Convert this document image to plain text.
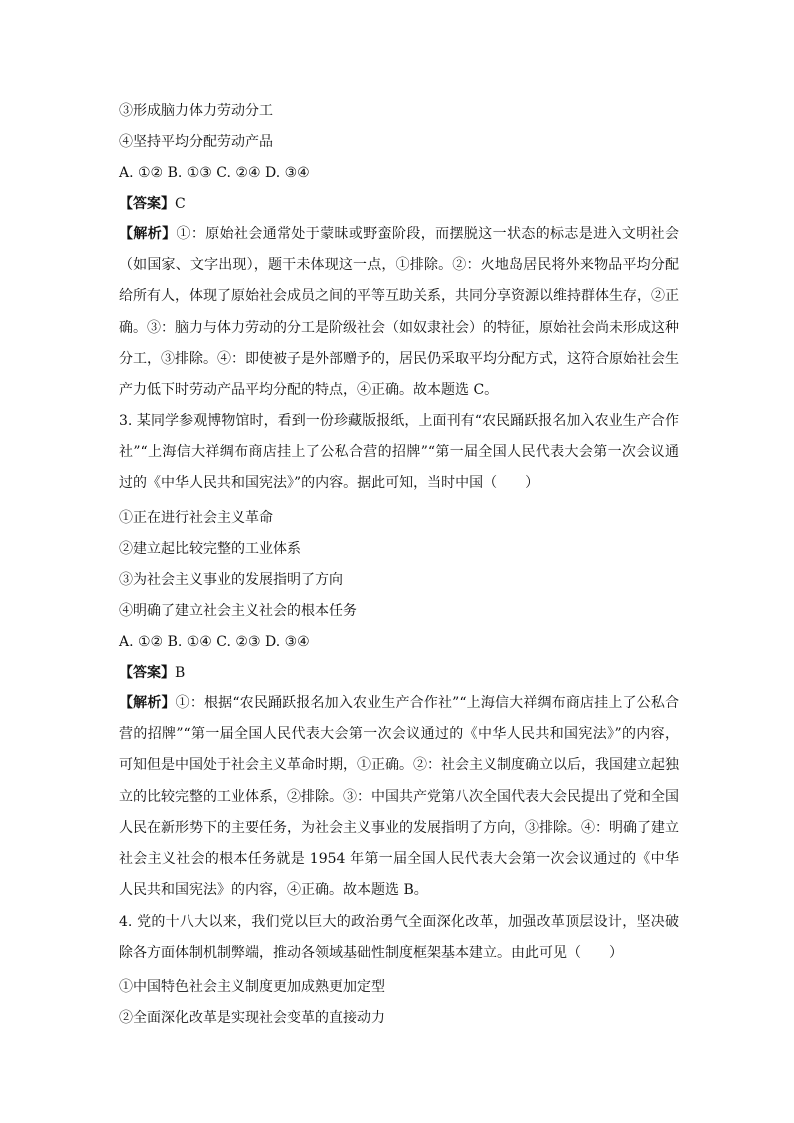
③形成脑力体力劳动分工
④坚持平均分配劳动产品
A. ①② B. ①③ C. ②④ D. ③④
【答案】C
【解析】①：原始社会通常处于蒙昧或野蛮阶段，而摆脱这一状态的标志是进入文明社会（如国家、文字出现），题干未体现这一点，①排除。②：火地岛居民将外来物品平均分配给所有人，体现了原始社会成员之间的平等互助关系，共同分享资源以维持群体生存，②正确。③：脑力与体力劳动的分工是阶级社会（如奴隶社会）的特征，原始社会尚未形成这种分工，③排除。④：即使被子是外部赠予的，居民仍采取平均分配方式，这符合原始社会生产力低下时劳动产品平均分配的特点，④正确。故本题选 C。
3. 某同学参观博物馆时，看到一份珍藏版报纸，上面刊有“农民踊跃报名加入农业生产合作社”“上海信大祥绸布商店挂上了公私合营的招牌”“第一届全国人民代表大会第一次会议通过的《中华人民共和国宪法》”的内容。据此可知，当时中国（　　）
①正在进行社会主义革命
②建立起比较完整的工业体系
③为社会主义事业的发展指明了方向
④明确了建立社会主义社会的根本任务
A. ①② B. ①④ C. ②③ D. ③④
【答案】B
【解析】①：根据“农民踊跃报名加入农业生产合作社”“上海信大祥绸布商店挂上了公私合营的招牌”“第一届全国人民代表大会第一次会议通过的《中华人民共和国宪法》”的内容，可知但是中国处于社会主义革命时期，①正确。②：社会主义制度确立以后，我国建立起独立的比较完整的工业体系，②排除。③：中国共产党第八次全国代表大会民提出了党和全国人民在新形势下的主要任务，为社会主义事业的发展指明了方向，③排除。④：明确了建立社会主义社会的根本任务就是 1954 年第一届全国人民代表大会第一次会议通过的《中华人民共和国宪法》的内容，④正确。故本题选 B。
4. 党的十八大以来，我们党以巨大的政治勇气全面深化改革，加强改革顶层设计，坚决破除各方面体制机制弊端，推动各领域基础性制度框架基本建立。由此可见（　　）
①中国特色社会主义制度更加成熟更加定型
②全面深化改革是实现社会变革的直接动力
